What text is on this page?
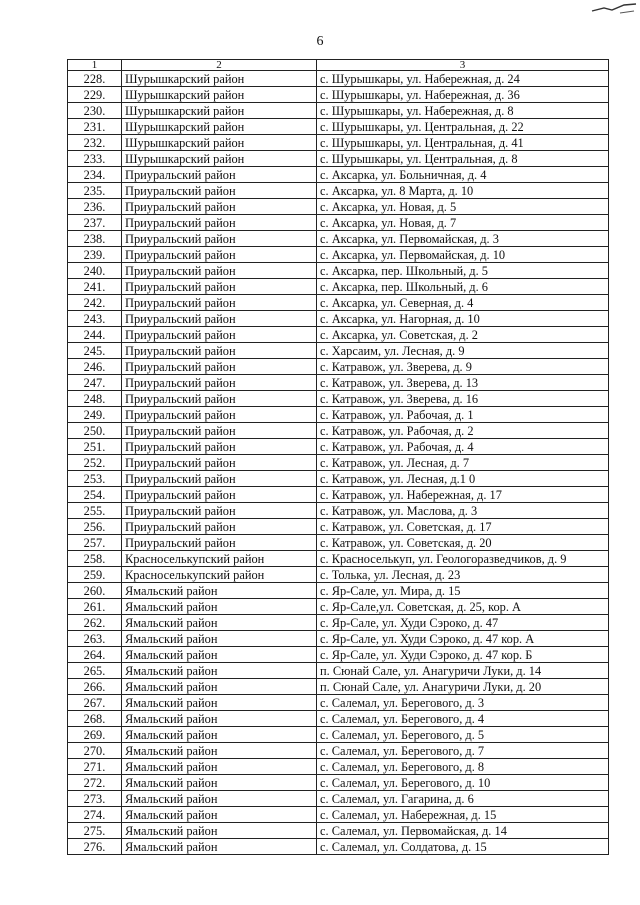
6
1	2	3
228.	Шурышкарский район	с. Шурышкары, ул. Набережная, д. 24
229.	Шурышкарский район	с. Шурышкары, ул. Набережная, д. 36
230.	Шурышкарский район	с. Шурышкары, ул. Набережная, д. 8
231.	Шурышкарский район	с. Шурышкары, ул. Центральная, д. 22
232.	Шурышкарский район	с. Шурышкары, ул. Центральная, д. 41
233.	Шурышкарский район	с. Шурышкары, ул. Центральная, д. 8
234.	Приуральский район	с. Аксарка, ул. Больничная, д. 4
235.	Приуральский район	с. Аксарка, ул. 8 Марта, д. 10
236.	Приуральский район	с. Аксарка, ул. Новая, д. 5
237.	Приуральский район	с. Аксарка, ул. Новая, д. 7
238.	Приуральский район	с. Аксарка, ул. Первомайская, д. 3
239.	Приуральский район	с. Аксарка, ул. Первомайская, д. 10
240.	Приуральский район	с. Аксарка, пер. Школьный, д. 5
241.	Приуральский район	с. Аксарка, пер. Школьный, д. 6
242.	Приуральский район	с. Аксарка, ул. Северная, д. 4
243.	Приуральский район	с. Аксарка, ул. Нагорная, д. 10
244.	Приуральский район	с. Аксарка, ул. Советская, д. 2
245.	Приуральский район	с. Харсаим, ул. Лесная, д. 9
246.	Приуральский район	с. Катравож, ул. Зверева, д. 9
247.	Приуральский район	с. Катравож, ул. Зверева, д. 13
248.	Приуральский район	с. Катравож, ул. Зверева, д. 16
249.	Приуральский район	с. Катравож, ул. Рабочая, д. 1
250.	Приуральский район	с. Катравож, ул. Рабочая, д. 2
251.	Приуральский район	с. Катравож, ул. Рабочая, д. 4
252.	Приуральский район	с. Катравож, ул. Лесная, д. 7
253.	Приуральский район	с. Катравож, ул. Лесная, д.1 0
254.	Приуральский район	с. Катравож, ул. Набережная, д. 17
255.	Приуральский район	с. Катравож, ул. Маслова, д. 3
256.	Приуральский район	с. Катравож, ул. Советская, д. 17
257.	Приуральский район	с. Катравож, ул. Советская, д. 20
258.	Красноселькупский район	с. Красноселькуп, ул. Геологоразведчиков, д. 9
259.	Красноселькупский район	с. Толька, ул. Лесная, д. 23
260.	Ямальский район	с. Яр-Сале, ул. Мира, д. 15
261.	Ямальский район	с. Яр-Сале,ул. Советская, д. 25, кор. А
262.	Ямальский район	с. Яр-Сале, ул. Худи Сэроко, д. 47
263.	Ямальский район	с. Яр-Сале, ул. Худи Сэроко, д. 47 кор. А
264.	Ямальский район	с. Яр-Сале, ул. Худи Сэроко, д. 47 кор. Б
265.	Ямальский район	п. Сюнай Сале, ул. Анагуричи Луки, д. 14
266.	Ямальский район	п. Сюнай Сале, ул. Анагуричи Луки, д. 20
267.	Ямальский район	с. Салемал, ул. Берегового, д. 3
268.	Ямальский район	с. Салемал, ул. Берегового, д. 4
269.	Ямальский район	с. Салемал, ул. Берегового, д. 5
270.	Ямальский район	с. Салемал, ул. Берегового, д. 7
271.	Ямальский район	с. Салемал, ул. Берегового, д. 8
272.	Ямальский район	с. Салемал, ул. Берегового, д. 10
273.	Ямальский район	с. Салемал, ул. Гагарина, д. 6
274.	Ямальский район	с. Салемал, ул. Набережная, д. 15
275.	Ямальский район	с. Салемал, ул. Первомайская, д. 14
276.	Ямальский район	с. Салемал, ул. Солдатова, д. 15
